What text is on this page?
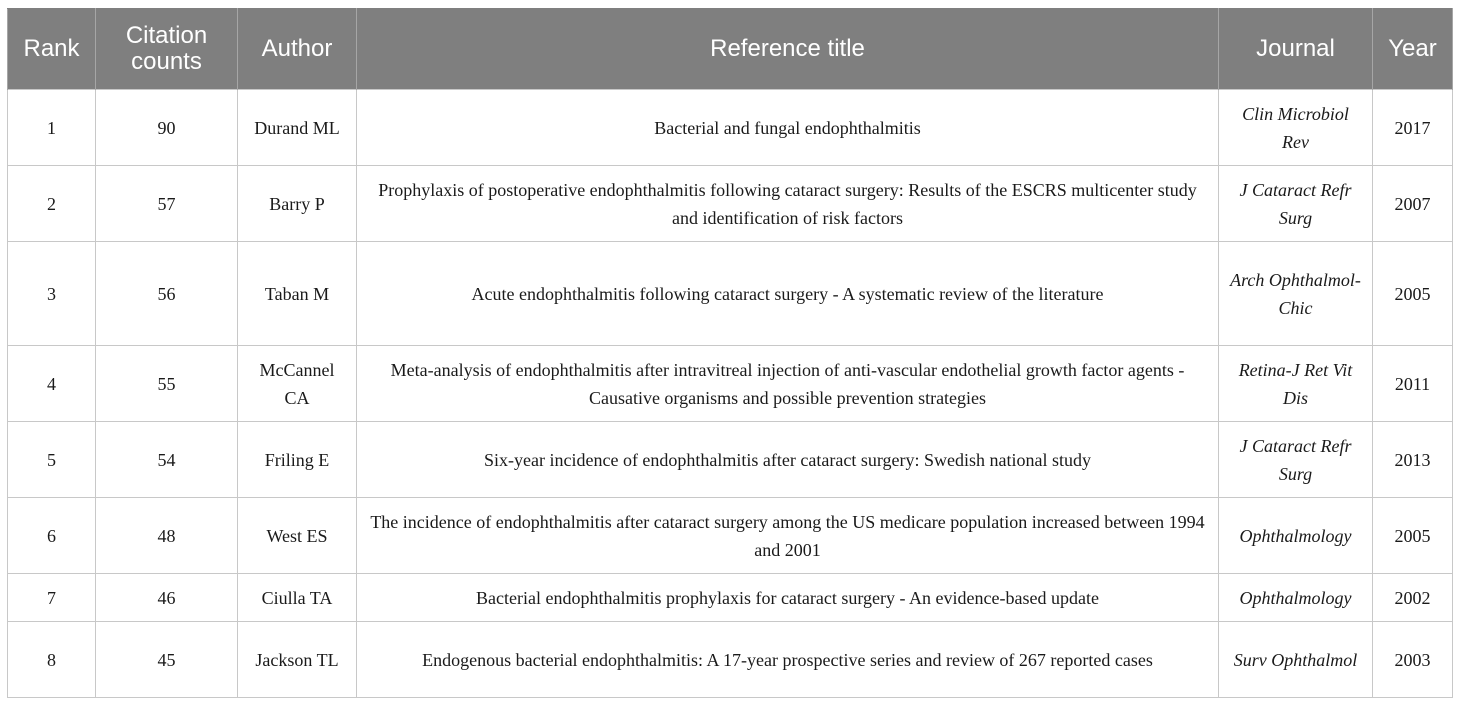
Rank	Citation counts	Author	Reference title	Journal	Year
1	90	Durand ML	Bacterial and fungal endophthalmitis	Clin Microbiol Rev	2017
2	57	Barry P	Prophylaxis of postoperative endophthalmitis following cataract surgery: Results of the ESCRS multicenter study and identification of risk factors	J Cataract Refr Surg	2007
3	56	Taban M	Acute endophthalmitis following cataract surgery - A systematic review of the literature	Arch Ophthalmol-Chic	2005
4	55	McCannel CA	Meta-analysis of endophthalmitis after intravitreal injection of anti-vascular endothelial growth factor agents - Causative organisms and possible prevention strategies	Retina-J Ret Vit Dis	2011
5	54	Friling E	Six-year incidence of endophthalmitis after cataract surgery: Swedish national study	J Cataract Refr Surg	2013
6	48	West ES	The incidence of endophthalmitis after cataract surgery among the US medicare population increased between 1994 and 2001	Ophthalmology	2005
7	46	Ciulla TA	Bacterial endophthalmitis prophylaxis for cataract surgery - An evidence-based update	Ophthalmology	2002
8	45	Jackson TL	Endogenous bacterial endophthalmitis: A 17-year prospective series and review of 267 reported cases	Surv Ophthalmol	2003
